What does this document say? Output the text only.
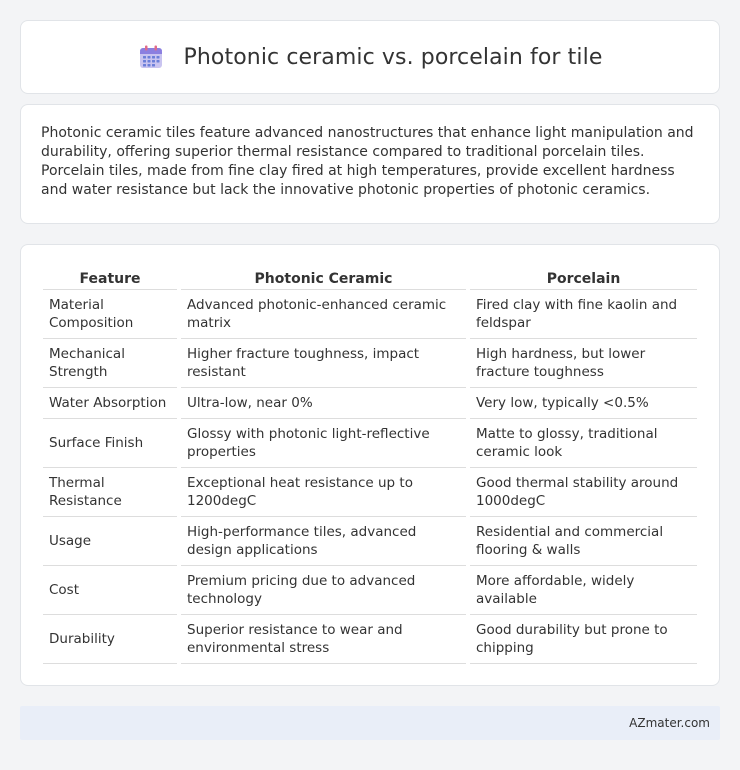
Photonic ceramic vs. porcelain for tile

Photonic ceramic tiles feature advanced nanostructures that enhance light manipulation and durability, offering superior thermal resistance compared to traditional porcelain tiles. Porcelain tiles, made from fine clay fired at high temperatures, provide excellent hardness and water resistance but lack the innovative photonic properties of photonic ceramics.

Feature	Photonic Ceramic	Porcelain
Material Composition	Advanced photonic-enhanced ceramic matrix	Fired clay with fine kaolin and feldspar
Mechanical Strength	Higher fracture toughness, impact resistant	High hardness, but lower fracture toughness
Water Absorption	Ultra-low, near 0%	Very low, typically <0.5%
Surface Finish	Glossy with photonic light-reflective properties	Matte to glossy, traditional ceramic look
Thermal Resistance	Exceptional heat resistance up to 1200degC	Good thermal stability around 1000degC
Usage	High-performance tiles, advanced design applications	Residential and commercial flooring & walls
Cost	Premium pricing due to advanced technology	More affordable, widely available
Durability	Superior resistance to wear and environmental stress	Good durability but prone to chipping
AZmater.com
